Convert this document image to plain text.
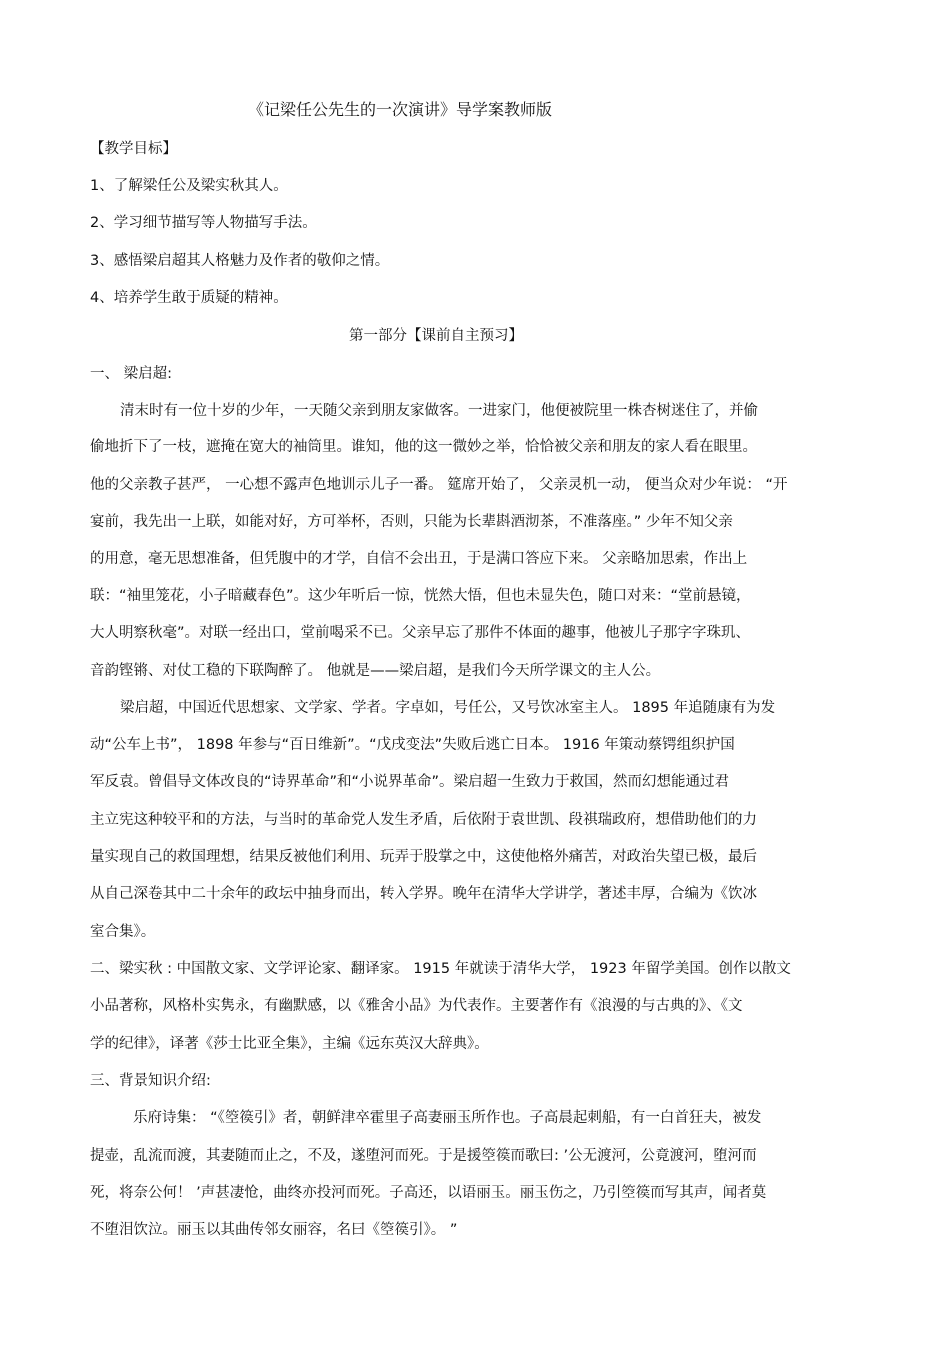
《记梁任公先生的一次演讲》导学案教师版
【教学目标】
1、了解梁任公及梁实秋其人。
2、学习细节描写等人物描写手法。
3、感悟梁启超其人格魅力及作者的敬仰之情。
4、培养学生敢于质疑的精神。
第一部分【课前自主预习】
一、 梁启超:
清末时有一位十岁的少年，一天随父亲到朋友家做客。一进家门，他便被院里一株杏树迷住了，并偷
偷地折下了一枝，遮掩在宽大的袖筒里。谁知，他的这一微妙之举，恰恰被父亲和朋友的家人看在眼里。
他的父亲教子甚严， 一心想不露声色地训示儿子一番。 筵席开始了， 父亲灵机一动， 便当众对少年说： “开
宴前，我先出一上联，如能对好，方可举杯，否则，只能为长辈斟酒沏茶，不准落座。” 少年不知父亲
的用意，毫无思想准备，但凭腹中的才学，自信不会出丑，于是满口答应下来。 父亲略加思索，作出上
联：“袖里笼花，小子暗藏春色”。这少年听后一惊，恍然大悟，但也未显失色，随口对来：“堂前悬镜，
大人明察秋毫”。对联一经出口，堂前喝采不已。父亲早忘了那件不体面的趣事，他被儿子那字字珠玑、
音韵铿锵、对仗工稳的下联陶醉了。 他就是——梁启超，是我们今天所学课文的主人公。
梁启超，中国近代思想家、文学家、学者。字卓如，号任公，又号饮冰室主人。 1895 年追随康有为发
动“公车上书”， 1898 年参与“百日维新”。“戊戌变法”失败后逃亡日本。 1916 年策动蔡锷组织护国
军反袁。曾倡导文体改良的“诗界革命”和“小说界革命”。梁启超一生致力于救国，然而幻想能通过君
主立宪这种较平和的方法，与当时的革命党人发生矛盾，后依附于袁世凯、段祺瑞政府，想借助他们的力
量实现自己的救国理想，结果反被他们利用、玩弄于股掌之中，这使他格外痛苦，对政治失望已极，最后
从自己深卷其中二十余年的政坛中抽身而出，转入学界。晚年在清华大学讲学，著述丰厚，合编为《饮冰
室合集》。
二、梁实秋 : 中国散文家、文学评论家、翻译家。 1915 年就读于清华大学， 1923 年留学美国。创作以散文
小品著称，风格朴实隽永，有幽默感，以《雅舍小品》为代表作。主要著作有《浪漫的与古典的》、《文
学的纪律》，译著《莎士比亚全集》，主编《远东英汉大辞典》。
三、背景知识介绍:
乐府诗集： “《箜篌引》者，朝鲜津卒霍里子高妻丽玉所作也。子高晨起刺船，有一白首狂夫，被发
提壶，乱流而渡，其妻随而止之，不及，遂堕河而死。于是援箜篌而歌曰: ’公无渡河，公竟渡河，堕河而
死，将奈公何！ ’声甚凄怆，曲终亦投河而死。子高还，以语丽玉。丽玉伤之，乃引箜篌而写其声，闻者莫
不堕泪饮泣。丽玉以其曲传邻女丽容，名曰《箜篌引》。 ”
